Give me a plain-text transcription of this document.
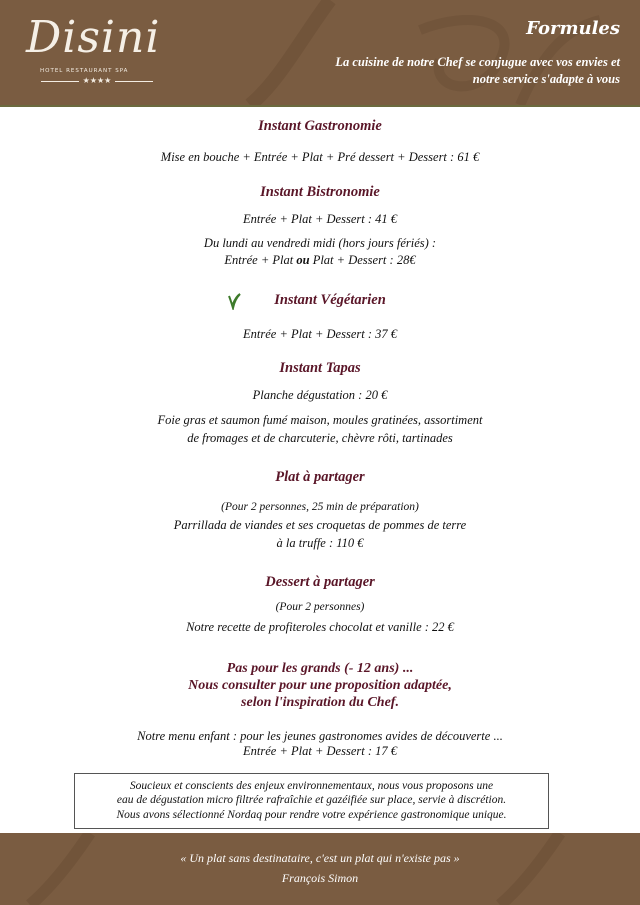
Disini
HOTEL RESTAURANT SPA
★★★★
Formules
La cuisine de notre Chef se conjugue avec vos envies et
notre service s'adapte à vous
Instant Gastronomie
Mise en bouche + Entrée + Plat + Pré dessert + Dessert : 61 €
Instant Bistronomie
Entrée + Plat + Dessert : 41 €
Du lundi au vendredi midi (hors jours fériés) :
Entrée + Plat ou Plat + Dessert : 28€
Instant Végétarien
Entrée + Plat + Dessert : 37 €
Instant Tapas
Planche dégustation : 20 €
Foie gras et saumon fumé maison, moules gratinées, assortiment
de fromages et de charcuterie, chèvre rôti, tartinades
Plat à partager
(Pour 2 personnes, 25 min de préparation)
Parrillada de viandes et ses croquetas de pommes de terre
à la truffe : 110 €
Dessert à partager
(Pour 2 personnes)
Notre recette de profiteroles chocolat et vanille : 22 €
Pas pour les grands (- 12 ans) ...
Nous consulter pour une proposition adaptée,
selon l'inspiration du Chef.
Notre menu enfant : pour les jeunes gastronomes avides de découverte ...
Entrée + Plat + Dessert : 17 €
Soucieux et conscients des enjeux environnementaux, nous vous proposons une
eau de dégustation micro filtrée rafraîchie et gazéifiée sur place, servie à discrétion.
Nous avons sélectionné Nordaq pour rendre votre expérience gastronomique unique.
« Un plat sans destinataire, c'est un plat qui n'existe pas »
François Simon
